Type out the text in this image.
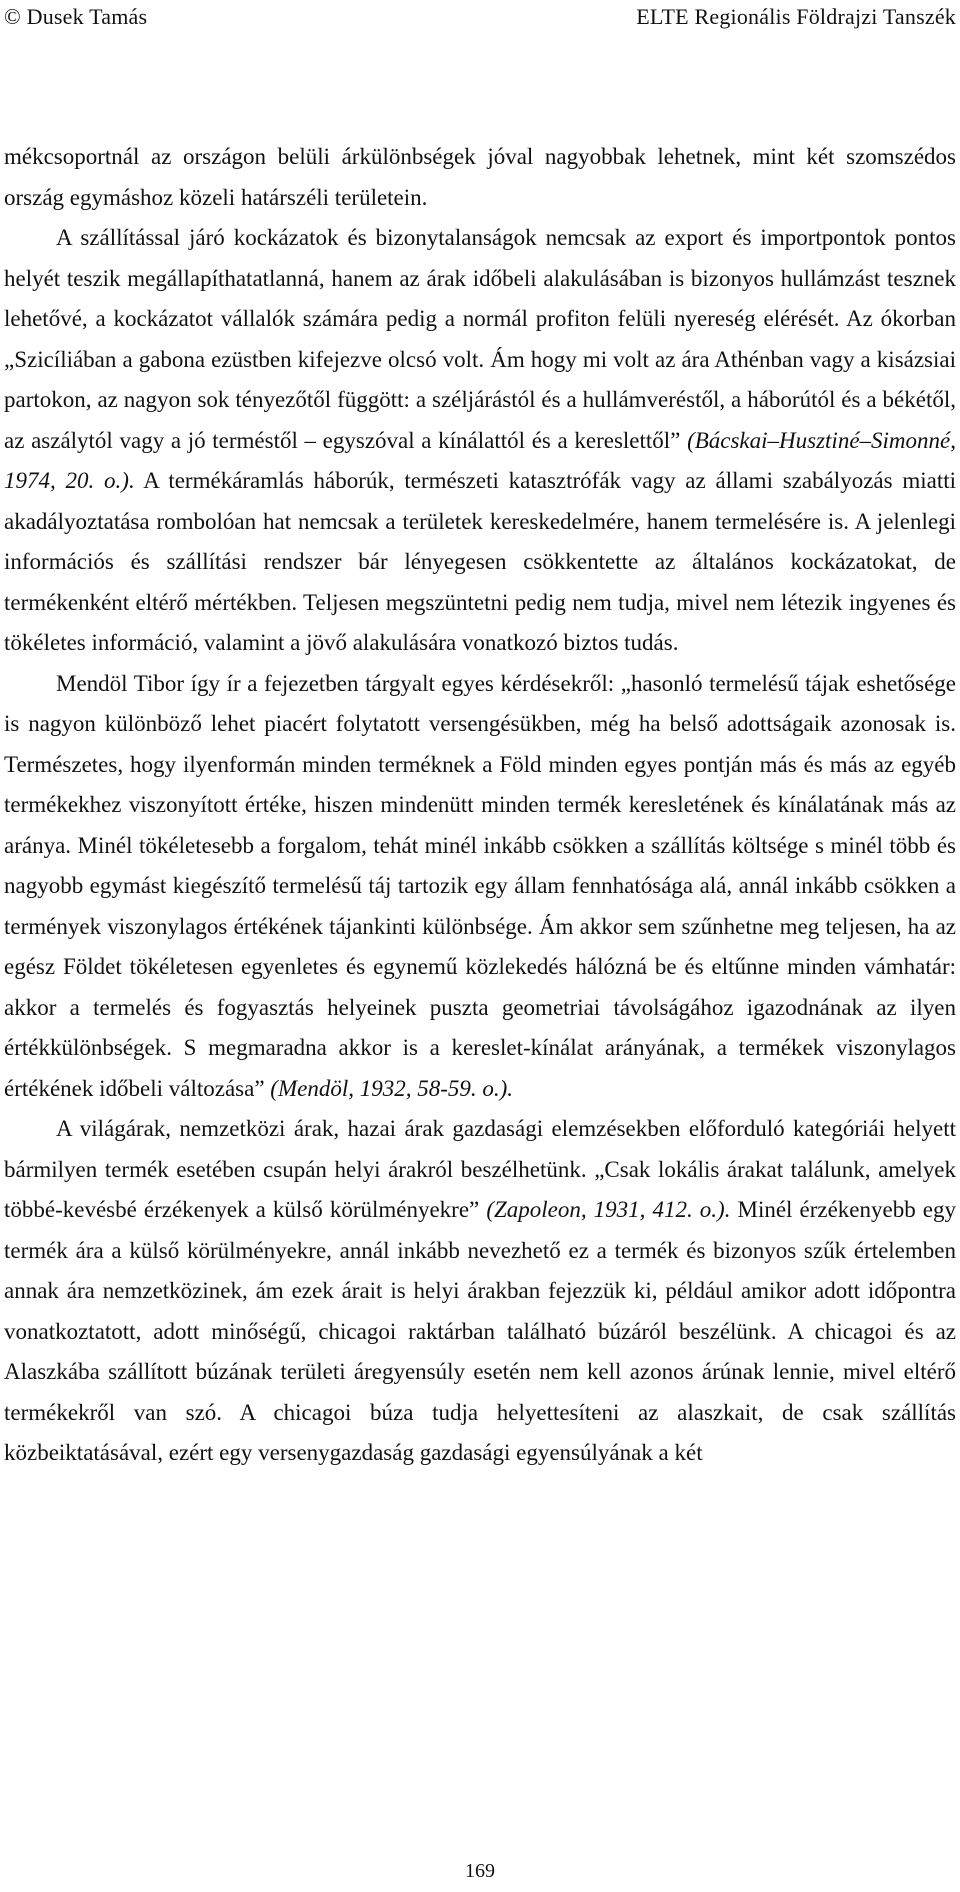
© Dusek Tamás	ELTE Regionális Földrajzi Tanszék

mékcsoportnál az országon belüli árkülönbségek jóval nagyobbak lehetnek, mint két szomszédos ország egymáshoz közeli határszéli területein.

A szállítással járó kockázatok és bizonytalanságok nemcsak az export és importpontok pontos helyét teszik megállapíthatatlanná, hanem az árak időbeli alakulásában is bizonyos hullámzást tesznek lehetővé, a kockázatot vállalók számára pedig a normál profiton felüli nyereség elérését. Az ókorban „Szicíliában a gabona ezüstben kifejezve olcsó volt. Ám hogy mi volt az ára Athénban vagy a kisázsiai partokon, az nagyon sok tényezőtől függött: a széljárástól és a hullámveréstől, a háborútól és a békétől, az aszálytól vagy a jó terméstől – egyszóval a kínálattól és a kereslettől” (Bácskai–Husztiné–Simonné, 1974, 20. o.). A termékáramlás háborúk, természeti katasztrófák vagy az állami szabályozás miatti akadályoztatása rombolóan hat nemcsak a területek kereskedelmére, hanem termelésére is. A jelenlegi információs és szállítási rendszer bár lényegesen csökkentette az általános kockázatokat, de termékenként eltérő mértékben. Teljesen megszüntetni pedig nem tudja, mivel nem létezik ingyenes és tökéletes információ, valamint a jövő alakulására vonatkozó biztos tudás.

Mendöl Tibor így ír a fejezetben tárgyalt egyes kérdésekről: „hasonló termelésű tájak eshetősége is nagyon különböző lehet piacért folytatott versengésükben, még ha belső adottságaik azonosak is. Természetes, hogy ilyenformán minden terméknek a Föld minden egyes pontján más és más az egyéb termékekhez viszonyított értéke, hiszen mindenütt minden termék keresletének és kínálatának más az aránya. Minél tökéletesebb a forgalom, tehát minél inkább csökken a szállítás költsége s minél több és nagyobb egymást kiegészítő termelésű táj tartozik egy állam fennhatósága alá, annál inkább csökken a termények viszonylagos értékének tájankinti különbsége. Ám akkor sem szűnhetne meg teljesen, ha az egész Földet tökéletesen egyenletes és egynemű közlekedés hálózná be és eltűnne minden vámhatár: akkor a termelés és fogyasztás helyeinek puszta geometriai távolságához igazodnának az ilyen értékkülönbségek. S megmaradna akkor is a kereslet-kínálat arányának, a termékek viszonylagos értékének időbeli változása” (Mendöl, 1932, 58-59. o.).

A világárak, nemzetközi árak, hazai árak gazdasági elemzésekben előforduló kategóriái helyett bármilyen termék esetében csupán helyi árakról beszélhetünk. „Csak lokális árakat találunk, amelyek többé-kevésbé érzékenyek a külső körülményekre” (Zapoleon, 1931, 412. o.). Minél érzékenyebb egy termék ára a külső körülményekre, annál inkább nevezhető ez a termék és bizonyos szűk értelemben annak ára nemzetközinek, ám ezek árait is helyi árakban fejezzük ki, például amikor adott időpontra vonatkoztatott, adott minőségű, chicagoi raktárban található búzáról beszélünk. A chicagoi és az Alaszkába szállított búzának területi áregyensúly esetén nem kell azonos árúnak lennie, mivel eltérő termékekről van szó. A chicagoi búza tudja helyettesíteni az alaszkait, de csak szállítás közbeiktatásával, ezért egy versenygazdaság gazdasági egyensúlyának a két

169
